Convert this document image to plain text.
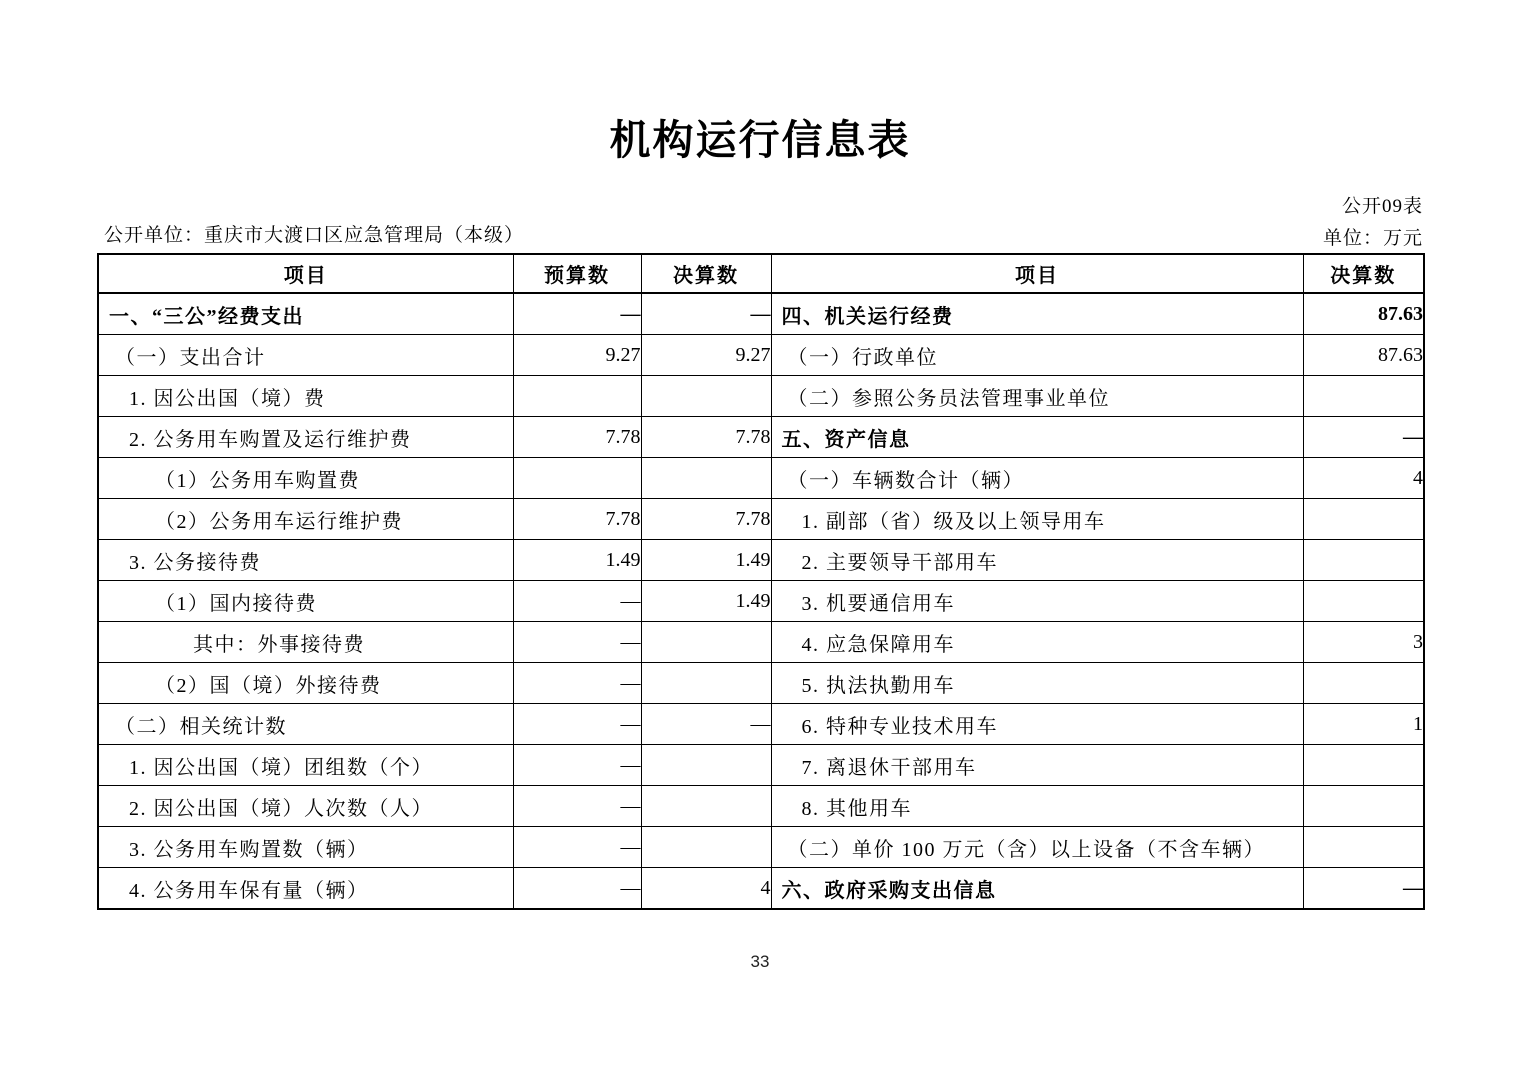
机构运行信息表
公开09表
公开单位：重庆市大渡口区应急管理局（本级）	单位：万元
项目	预算数	决算数	项目	决算数
一、“三公”经费支出	—	—	四、机关运行经费	87.63
（一）支出合计	9.27	9.27	（一）行政单位	87.63
1. 因公出国（境）费			（二）参照公务员法管理事业单位	
2. 公务用车购置及运行维护费	7.78	7.78	五、资产信息	—
（1）公务用车购置费			（一）车辆数合计（辆）	4
（2）公务用车运行维护费	7.78	7.78	1. 副部（省）级及以上领导用车	
3. 公务接待费	1.49	1.49	2. 主要领导干部用车	
（1）国内接待费	—	1.49	3. 机要通信用车	
其中：外事接待费	—		4. 应急保障用车	3
（2）国（境）外接待费	—		5. 执法执勤用车	
（二）相关统计数	—	—	6. 特种专业技术用车	1
1. 因公出国（境）团组数（个）	—		7. 离退休干部用车	
2. 因公出国（境）人次数（人）	—		8. 其他用车	
3. 公务用车购置数（辆）	—		（二）单价 100 万元（含）以上设备（不含车辆）	
4. 公务用车保有量（辆）	—	4	六、政府采购支出信息	—
33
